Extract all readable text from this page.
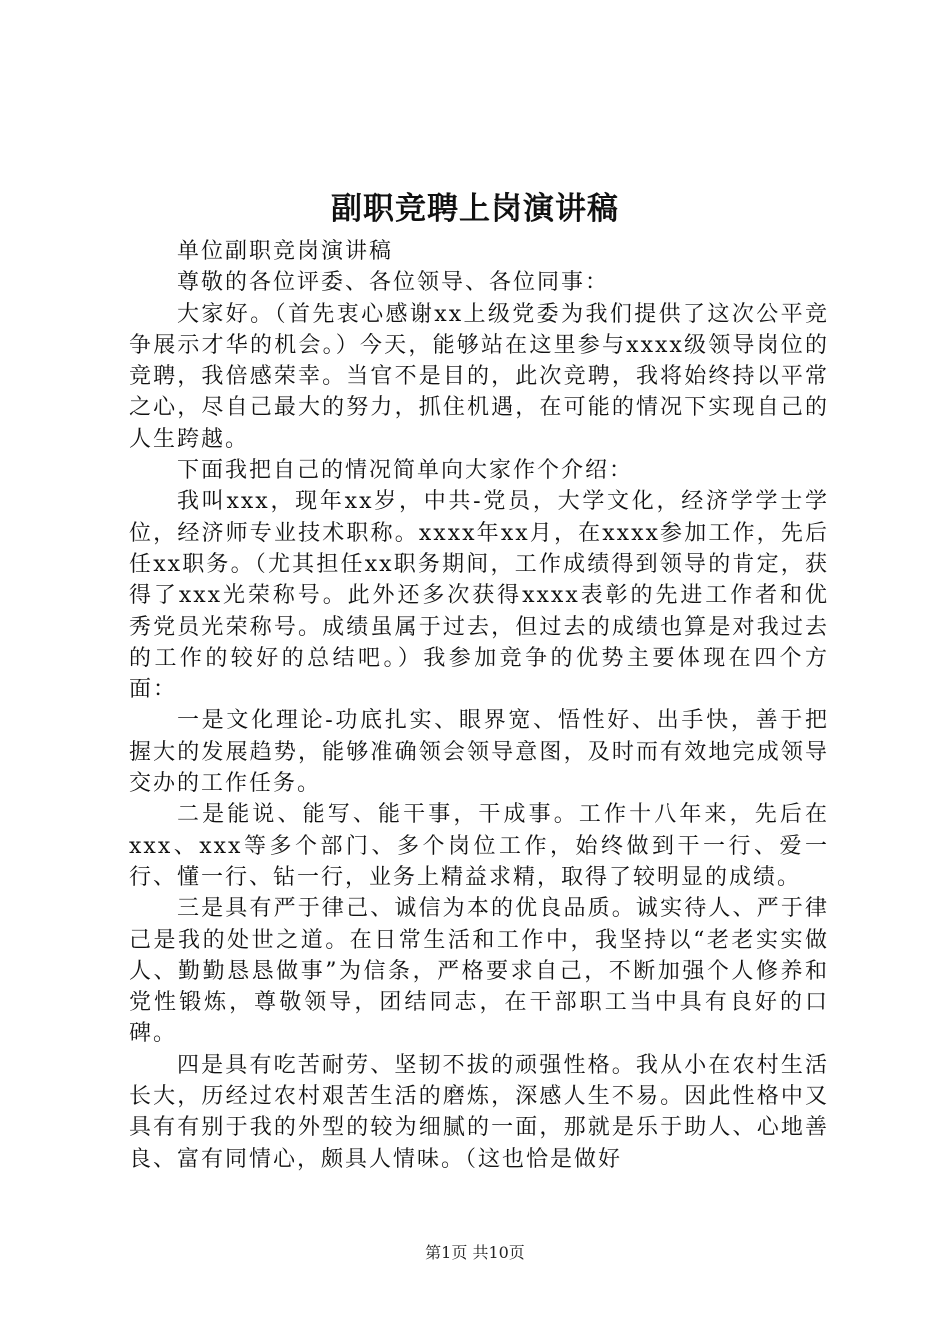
副职竞聘上岗演讲稿

单位副职竞岗演讲稿

尊敬的各位评委、各位领导、各位同事：

大家好。（首先衷心感谢xx上级党委为我们提供了这次公平竞争展示才华的机会。）今天，能够站在这里参与xxxx级领导岗位的竞聘，我倍感荣幸。当官不是目的，此次竞聘，我将始终持以平常之心，尽自己最大的努力，抓住机遇，在可能的情况下实现自己的人生跨越。

下面我把自己的情况简单向大家作个介绍：

我叫xxx，现年xx岁，中共-党员，大学文化，经济学学士学位，经济师专业技术职称。xxxx年xx月，在xxxx参加工作，先后任xx职务。（尤其担任xx职务期间，工作成绩得到领导的肯定，获得了xxx光荣称号。此外还多次获得xxxx表彰的先进工作者和优秀党员光荣称号。成绩虽属于过去，但过去的成绩也算是对我过去的工作的较好的总结吧。）我参加竞争的优势主要体现在四个方面：

一是文化理论-功底扎实、眼界宽、悟性好、出手快，善于把握大的发展趋势，能够准确领会领导意图，及时而有效地完成领导交办的工作任务。

二是能说、能写、能干事，干成事。工作十八年来，先后在xxx、xxx等多个部门、多个岗位工作，始终做到干一行、爱一行、懂一行、钻一行，业务上精益求精，取得了较明显的成绩。

三是具有严于律己、诚信为本的优良品质。诚实待人、严于律己是我的处世之道。在日常生活和工作中，我坚持以“老老实实做人、勤勤恳恳做事”为信条，严格要求自己，不断加强个人修养和党性锻炼，尊敬领导，团结同志，在干部职工当中具有良好的口碑。

四是具有吃苦耐劳、坚韧不拔的顽强性格。我从小在农村生活长大，历经过农村艰苦生活的磨炼，深感人生不易。因此性格中又具有有别于我的外型的较为细腻的一面，那就是乐于助人、心地善良、富有同情心，颇具人情味。（这也恰是做好

第1页 共10页
